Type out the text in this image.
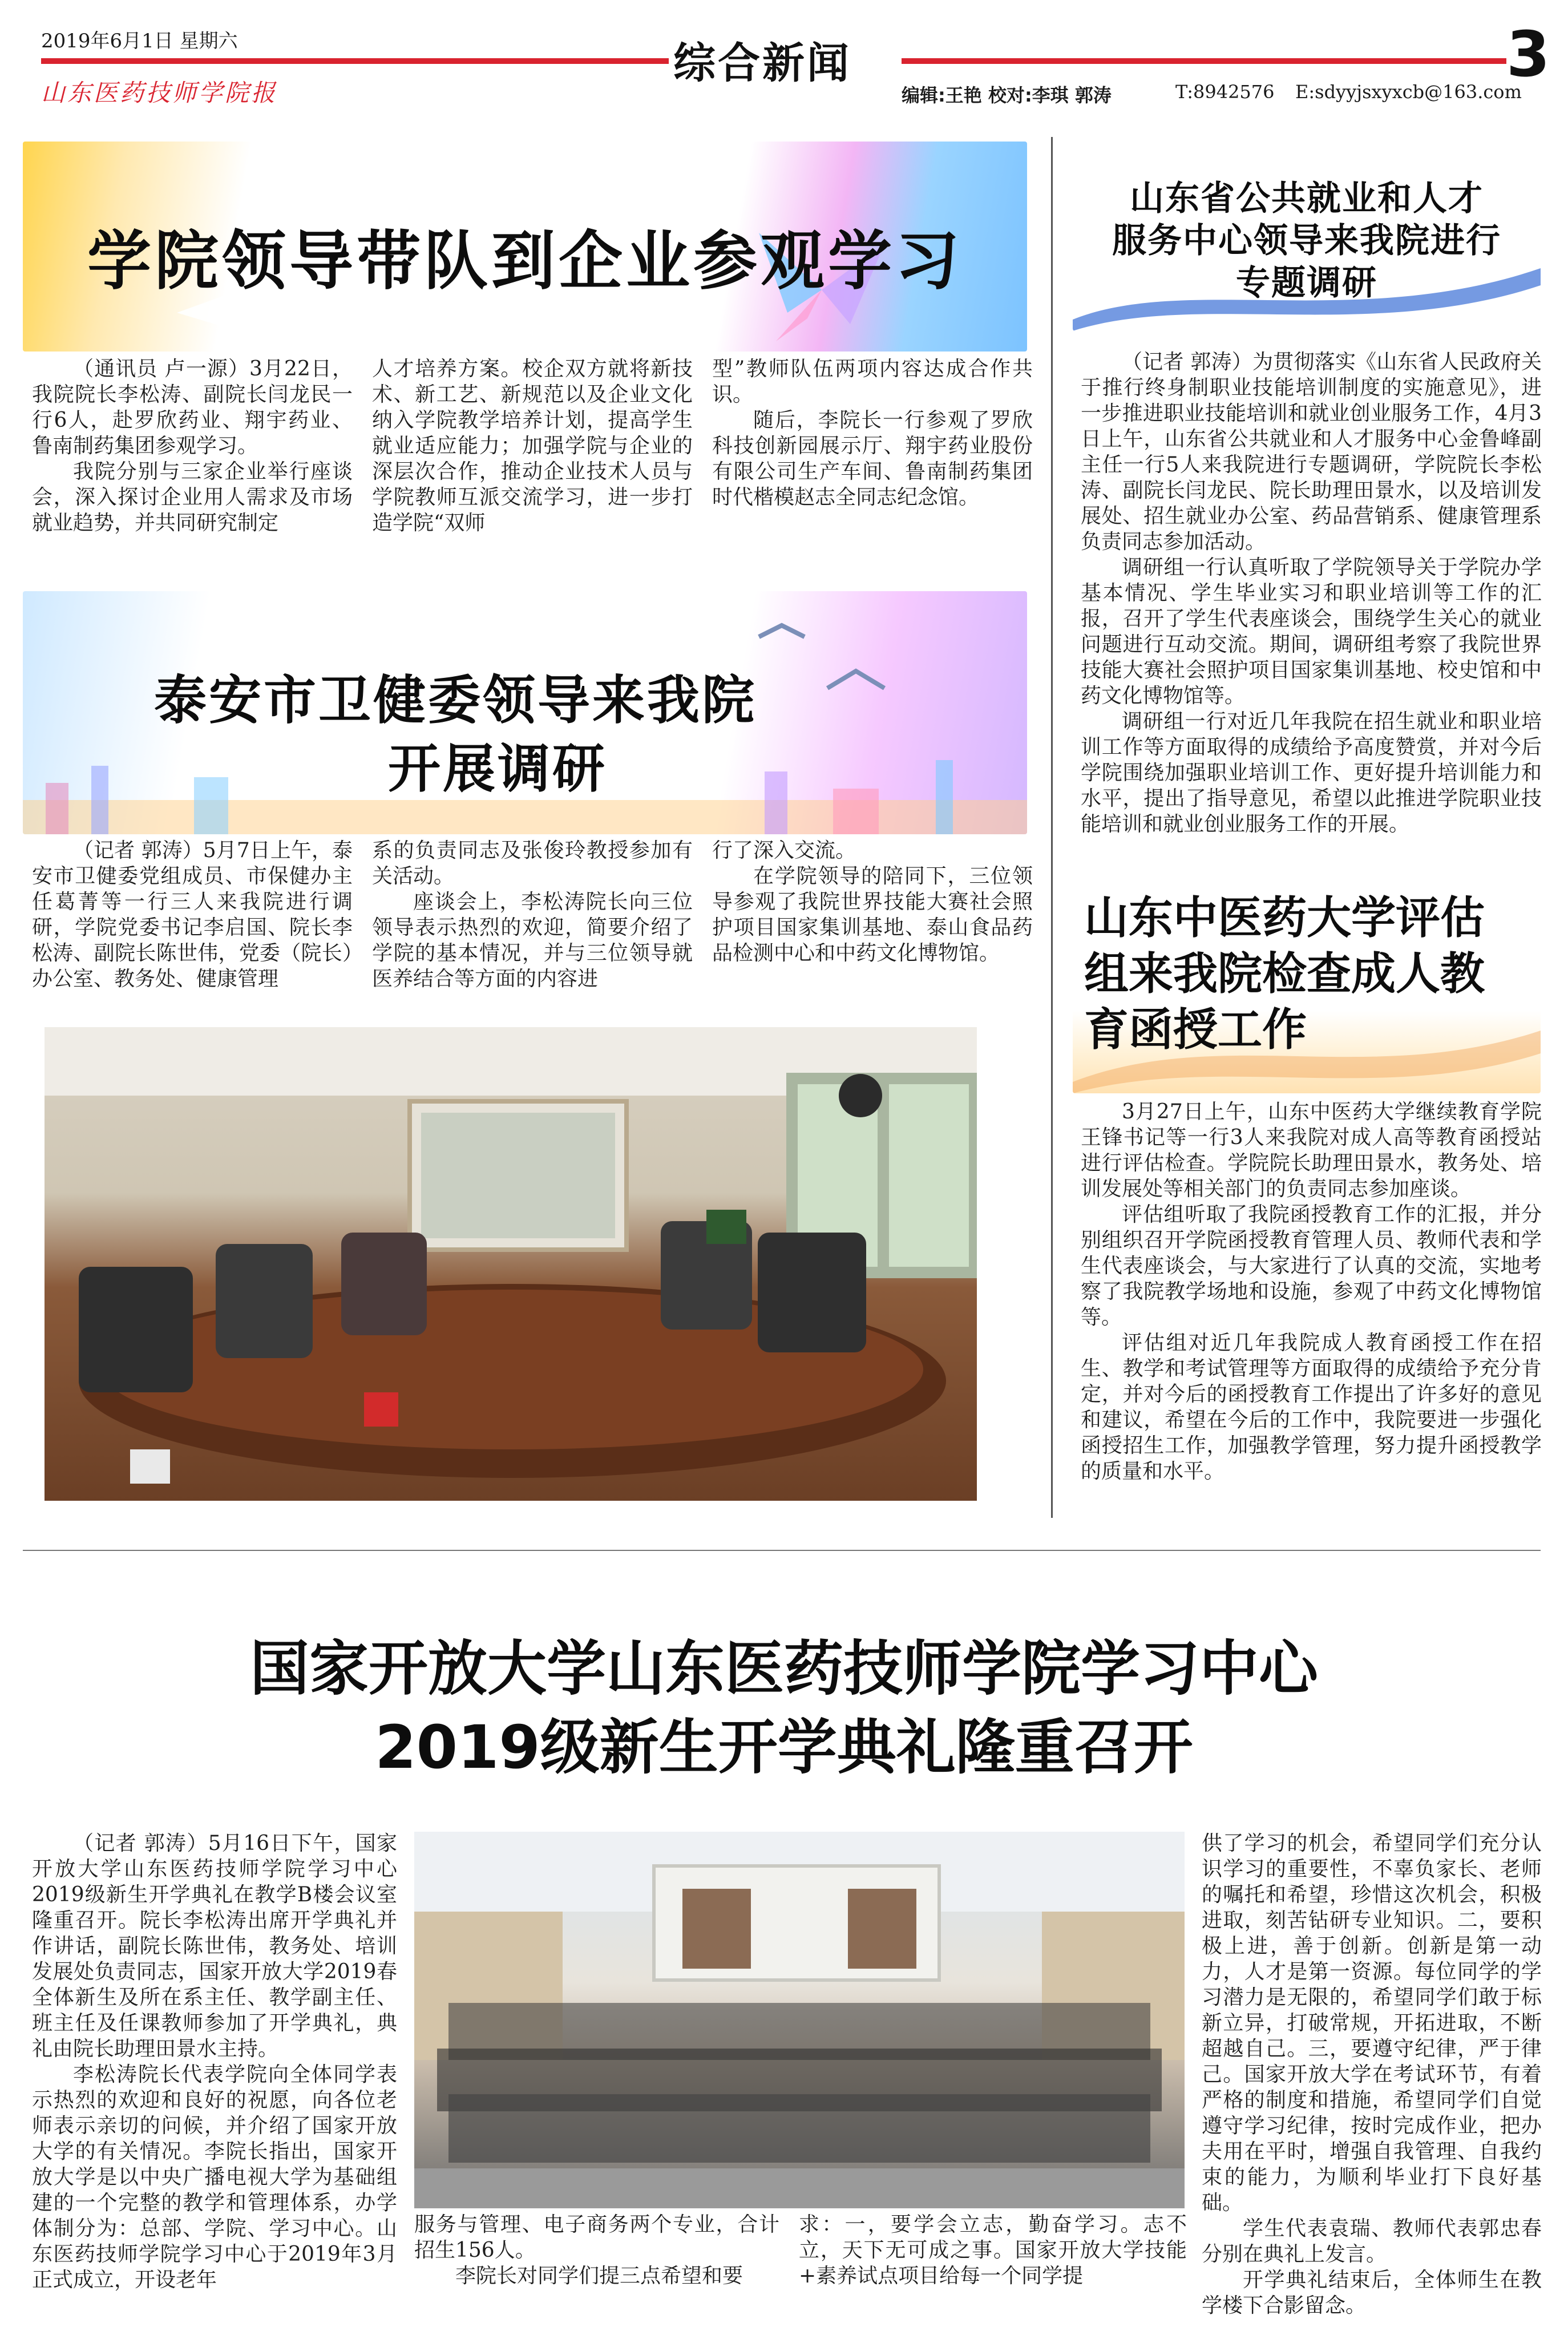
2019年6月1日 星期六
山东医药技师学院报
综合新闻	3
编辑:王艳 校对:李琪 郭涛	T:8942576 E:sdyyjsxyxcb@163.com
学院领导带队到企业参观学习

（通讯员 卢一源）3月22日，我院院长李松涛、副院长闫龙民一行6人，赴罗欣药业、翔宇药业、鲁南制药集团参观学习。

我院分别与三家企业举行座谈会，深入探讨企业用人需求及市场就业趋势，并共同研究制定

人才培养方案。校企双方就将新技术、新工艺、新规范以及企业文化纳入学院教学培养计划，提高学生就业适应能力；加强学院与企业的深层次合作，推动企业技术人员与学院教师互派交流学习，进一步打造学院“双师

型”教师队伍两项内容达成合作共识。

随后，李院长一行参观了罗欣科技创新园展示厅、翔宇药业股份有限公司生产车间、鲁南制药集团时代楷模赵志全同志纪念馆。

泰安市卫健委领导来我院
开展调研

（记者 郭涛）5月7日上午，泰安市卫健委党组成员、市保健办主任葛菁等一行三人来我院进行调研，学院党委书记李启国、院长李松涛、副院长陈世伟，党委（院长）办公室、教务处、健康管理

系的负责同志及张俊玲教授参加有关活动。

座谈会上，李松涛院长向三位领导表示热烈的欢迎，简要介绍了学院的基本情况，并与三位领导就医养结合等方面的内容进

行了深入交流。

在学院领导的陪同下，三位领导参观了我院世界技能大赛社会照护项目国家集训基地、泰山食品药品检测中心和中药文化博物馆。

山东省公共就业和人才
服务中心领导来我院进行
专题调研

（记者 郭涛）为贯彻落实《山东省人民政府关于推行终身制职业技能培训制度的实施意见》，进一步推进职业技能培训和就业创业服务工作，4月3日上午，山东省公共就业和人才服务中心金鲁峰副主任一行5人来我院进行专题调研，学院院长李松涛、副院长闫龙民、院长助理田景水，以及培训发展处、招生就业办公室、药品营销系、健康管理系负责同志参加活动。

调研组一行认真听取了学院领导关于学院办学基本情况、学生毕业实习和职业培训等工作的汇报，召开了学生代表座谈会，围绕学生关心的就业问题进行互动交流。期间，调研组考察了我院世界技能大赛社会照护项目国家集训基地、校史馆和中药文化博物馆等。

调研组一行对近几年我院在招生就业和职业培训工作等方面取得的成绩给予高度赞赏，并对今后学院围绕加强职业培训工作、更好提升培训能力和水平，提出了指导意见，希望以此推进学院职业技能培训和就业创业服务工作的开展。

山东中医药大学评估
组来我院检查成人教
育函授工作

3月27日上午，山东中医药大学继续教育学院王锋书记等一行3人来我院对成人高等教育函授站进行评估检查。学院院长助理田景水，教务处、培训发展处等相关部门的负责同志参加座谈。

评估组听取了我院函授教育工作的汇报，并分别组织召开学院函授教育管理人员、教师代表和学生代表座谈会，与大家进行了认真的交流，实地考察了我院教学场地和设施，参观了中药文化博物馆等。

评估组对近几年我院成人教育函授工作在招生、教学和考试管理等方面取得的成绩给予充分肯定，并对今后的函授教育工作提出了许多好的意见和建议，希望在今后的工作中，我院要进一步强化函授招生工作，加强教学管理，努力提升函授教学的质量和水平。

国家开放大学山东医药技师学院学习中心
2019级新生开学典礼隆重召开

（记者 郭涛）5月16日下午，国家开放大学山东医药技师学院学习中心2019级新生开学典礼在教学B楼会议室隆重召开。院长李松涛出席开学典礼并作讲话，副院长陈世伟，教务处、培训发展处负责同志，国家开放大学2019春全体新生及所在系主任、教学副主任、班主任及任课教师参加了开学典礼，典礼由院长助理田景水主持。

李松涛院长代表学院向全体同学表示热烈的欢迎和良好的祝愿，向各位老师表示亲切的问候，并介绍了国家开放大学的有关情况。李院长指出，国家开放大学是以中央广播电视大学为基础组建的一个完整的教学和管理体系，办学体制分为：总部、学院、学习中心。山东医药技师学院学习中心于2019年3月正式成立，开设老年

服务与管理、电子商务两个专业，合计招生156人。

李院长对同学们提三点希望和要

求：一，要学会立志，勤奋学习。志不立，天下无可成之事。国家开放大学技能+素养试点项目给每一个同学提

供了学习的机会，希望同学们充分认识学习的重要性，不辜负家长、老师的嘱托和希望，珍惜这次机会，积极进取，刻苦钻研专业知识。二，要积极上进，善于创新。创新是第一动力，人才是第一资源。每位同学的学习潜力是无限的，希望同学们敢于标新立异，打破常规，开拓进取，不断超越自己。三，要遵守纪律，严于律己。国家开放大学在考试环节，有着严格的制度和措施，希望同学们自觉遵守学习纪律，按时完成作业，把办夫用在平时，增强自我管理、自我约束的能力，为顺利毕业打下良好基础。

学生代表袁瑞、教师代表郭忠春分别在典礼上发言。

开学典礼结束后，全体师生在教学楼下合影留念。
